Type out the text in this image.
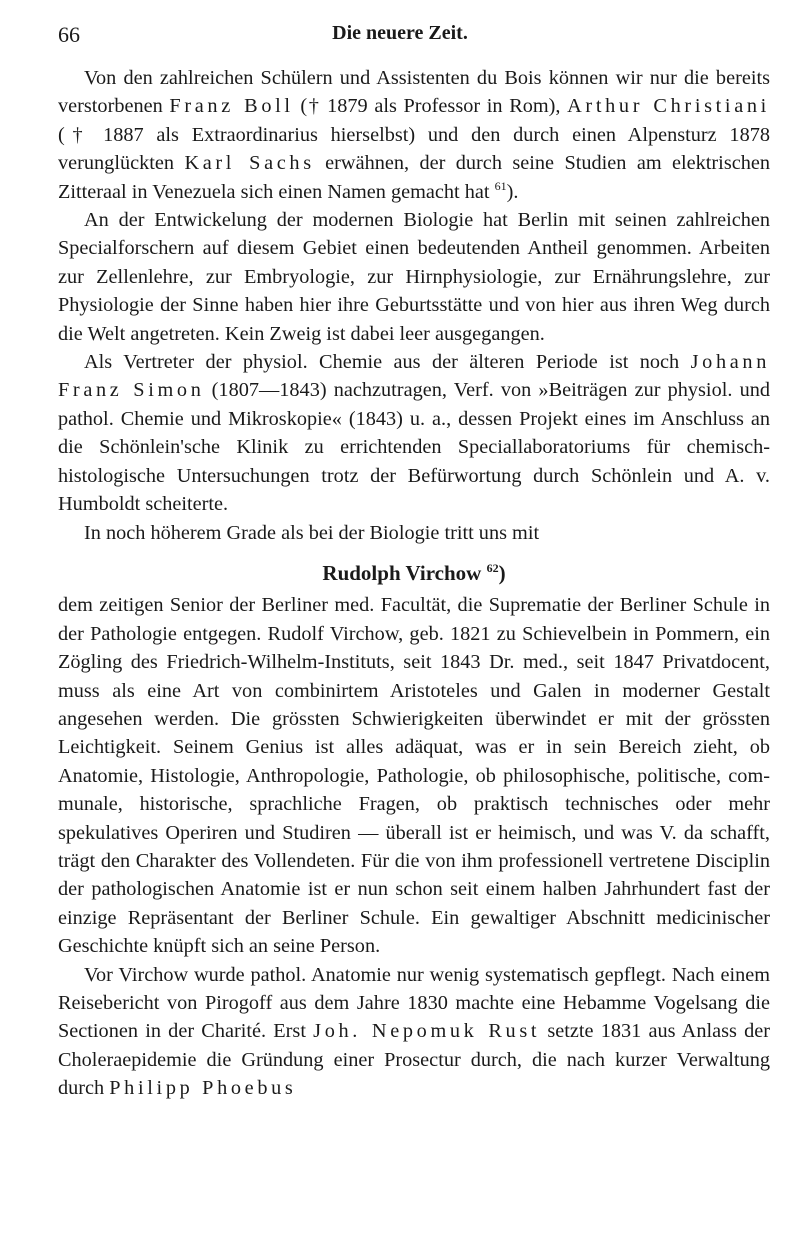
66	Die neuere Zeit.

Von den zahlreichen Schülern und Assistenten du Bois können wir nur die bereits verstorbenen Franz Boll († 1879 als Professor in Rom), Arthur Christiani († 1887 als Extraordinarius hierselbst) und den durch einen Alpensturz 1878 verunglückten Karl Sachs erwähnen, der durch seine Studien am elektrischen Zitteraal in Venezuela sich einen Namen gemacht hat $^{61}$).

An der Entwickelung der modernen Biologie hat Berlin mit seinen zahlreichen Specialforschern auf diesem Gebiet einen bedeutenden Antheil genommen. Arbeiten zur Zellenlehre, zur Embryologie, zur Hirnphysiologie, zur Ernährungslehre, zur Physiologie der Sinne haben hier ihre Geburtsstätte und von hier aus ihren Weg durch die Welt angetreten. Kein Zweig ist dabei leer ausgegangen.

Als Vertreter der physiol. Chemie aus der älteren Periode ist noch Johann Franz Simon (1807—1843) nachzutragen, Verf. von »Beiträgen zur physiol. und pathol. Chemie und Mikroskopie« (1843) u. a., dessen Projekt eines im Anschluss an die Schönlein'sche Klinik zu errichtenden Speciallaboratoriums für chemisch-histologische Untersuchungen trotz der Befürwortung durch Schönlein und A. v. Humboldt scheiterte.

In noch höherem Grade als bei der Biologie tritt uns mit

Rudolph Virchow $^{62}$)

dem zeitigen Senior der Berliner med. Facultät, die Suprematie der Berliner Schule in der Pathologie entgegen. Rudolf Virchow, geb. 1821 zu Schievelbein in Pommern, ein Zögling des Friedrich-Wilhelm-Instituts, seit 1843 Dr. med., seit 1847 Privatdocent, muss als eine Art von combinirtem Aristoteles und Galen in moderner Gestalt angesehen werden. Die grössten Schwierigkeiten überwindet er mit der grössten Leichtigkeit. Seinem Genius ist alles adäquat, was er in sein Bereich zieht, ob Anatomie, Histologie, Anthropologie, Pathologie, ob philosophische, politische, communale, historische, sprachliche Fragen, ob praktisch technisches oder mehr spekulatives Operiren und Studiren — überall ist er heimisch, und was V. da schafft, trägt den Charakter des Vollendeten. Für die von ihm professionell vertretene Disciplin der pathologischen Anatomie ist er nun schon seit einem halben Jahrhundert fast der einzige Repräsentant der Berliner Schule. Ein gewaltiger Abschnitt medicinischer Geschichte knüpft sich an seine Person.

Vor Virchow wurde pathol. Anatomie nur wenig systematisch gepflegt. Nach einem Reisebericht von Pirogoff aus dem Jahre 1830 machte eine Hebamme Vogelsang die Sectionen in der Charité. Erst Joh. Nepomuk Rust setzte 1831 aus Anlass der Choleraepidemie die Gründung einer Prosectur durch, die nach kurzer Verwaltung durch Philipp Phoebus
